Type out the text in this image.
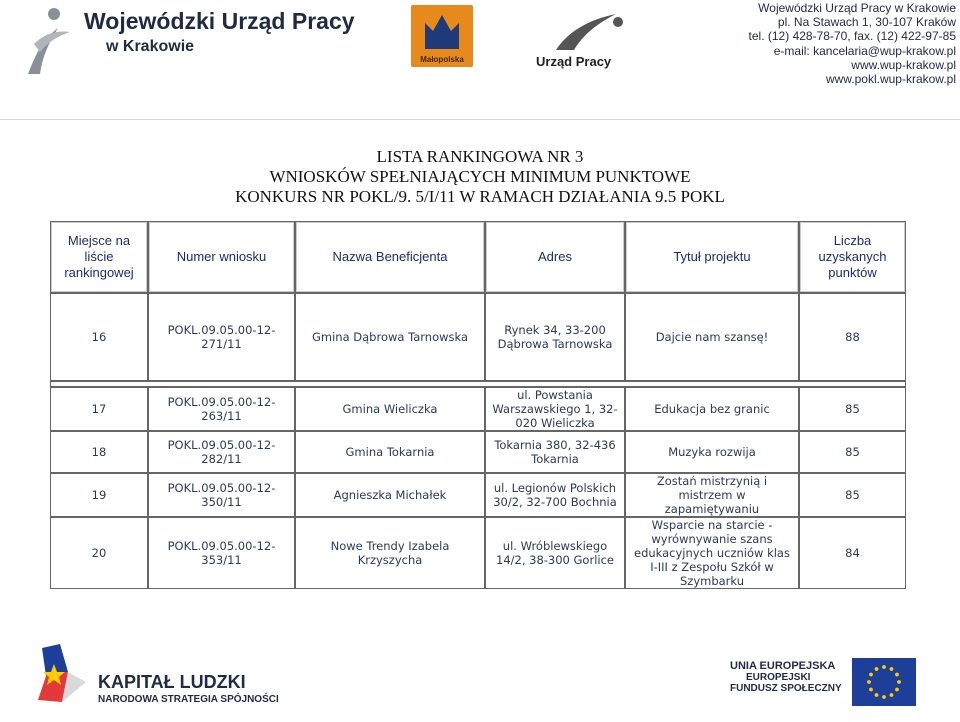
Wojewódzki Urząd Pracy
w Krakowie
Małopolska	Urząd Pracy
Wojewódzki Urząd Pracy w Krakowie
pl. Na Stawach 1, 30-107 Kraków
tel. (12) 428-78-70, fax. (12) 422-97-85
e-mail: kancelaria@wup-krakow.pl
www.wup-krakow.pl
www.pokl.wup-krakow.pl
LISTA RANKINGOWA NR 3
WNIOSKÓW SPEŁNIAJĄCYCH MINIMUM PUNKTOWE
KONKURS NR POKL/9. 5/I/11 W RAMACH DZIAŁANIA 9.5 POKL
Miejsce na liście rankingowej	Numer wniosku	Nazwa Beneficjenta	Adres	Tytuł projektu	Liczba uzyskanych punktów
16	POKL.09.05.00-12-271/11	Gmina Dąbrowa Tarnowska	Rynek 34, 33-200 Dąbrowa Tarnowska	Dajcie nam szansę!	88

17	POKL.09.05.00-12-263/11	Gmina Wieliczka	ul. Powstania Warszawskiego 1, 32-020 Wieliczka	Edukacja bez granic	85
18	POKL.09.05.00-12-282/11	Gmina Tokarnia	Tokarnia 380, 32-436 Tokarnia	Muzyka rozwija	85
19	POKL.09.05.00-12-350/11	Agnieszka Michałek	ul. Legionów Polskich 30/2, 32-700 Bochnia	Zostań mistrzynią i mistrzem w zapamiętywaniu	85
20	POKL.09.05.00-12-353/11	Nowe Trendy Izabela Krzyszycha	ul. Wróblewskiego 14/2, 38-300 Gorlice	Wsparcie na starcie - wyrównywanie szans edukacyjnych uczniów klas I-III z Zespołu Szkół w Szymbarku	84
KAPITAŁ LUDZKI
NARODOWA STRATEGIA SPÓJNOŚCI
UNIA EUROPEJSKA
EUROPEJSKI
FUNDUSZ SPOŁECZNY
